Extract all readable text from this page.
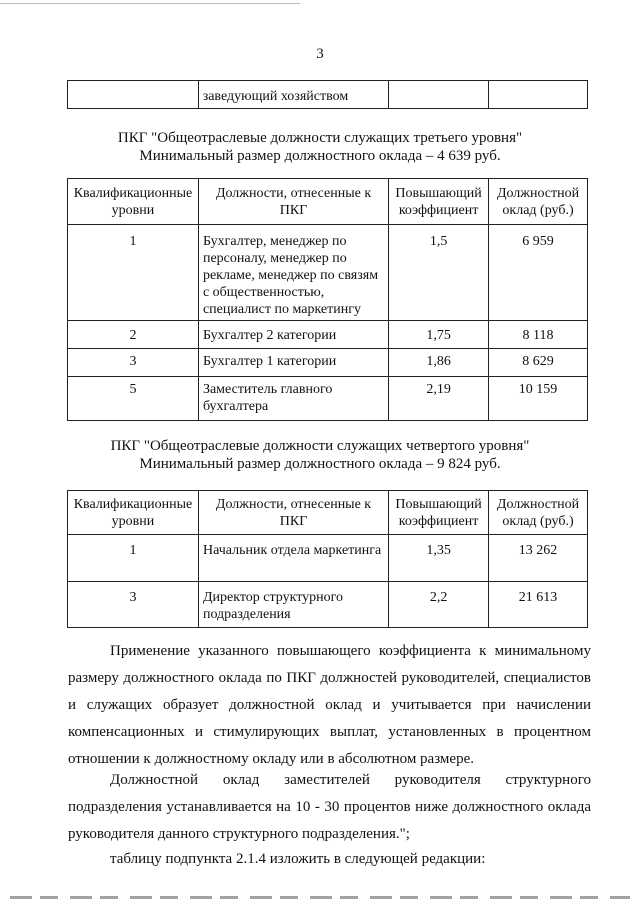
3
	заведующий хозяйством		
ПКГ "Общеотраслевые должности служащих третьего уровня"
Минимальный размер должностного оклада – 4 639 руб.
Квалификационные уровни	Должности, отнесенные к ПКГ	Повышающий коэффициент	Должностной оклад (руб.)
1	Бухгалтер, менеджер по персоналу, менеджер по рекламе, менеджер по связям с общественностью, специалист по маркетингу	1,5	6 959
2	Бухгалтер 2 категории	1,75	8 118
3	Бухгалтер 1 категории	1,86	8 629
5	Заместитель главного бухгалтера	2,19	10 159
ПКГ "Общеотраслевые должности служащих четвертого уровня"
Минимальный размер должностного оклада – 9 824 руб.
Квалификационные уровни	Должности, отнесенные к ПКГ	Повышающий коэффициент	Должностной оклад (руб.)
1	Начальник отдела маркетинга	1,35	13 262
3	Директор структурного подразделения	2,2	21 613
Применение указанного повышающего коэффициента к минимальному размеру должностного оклада по ПКГ должностей руководителей, специалистов и служащих образует должностной оклад и учитывается при начислении компенсационных и стимулирующих выплат, установленных в процентном отношении к должностному окладу или в абсолютном размере.
Должностной оклад заместителей руководителя структурного подразделения устанавливается на 10 - 30 процентов ниже должностного оклада руководителя данного структурного подразделения.";
таблицу подпункта 2.1.4 изложить в следующей редакции:
